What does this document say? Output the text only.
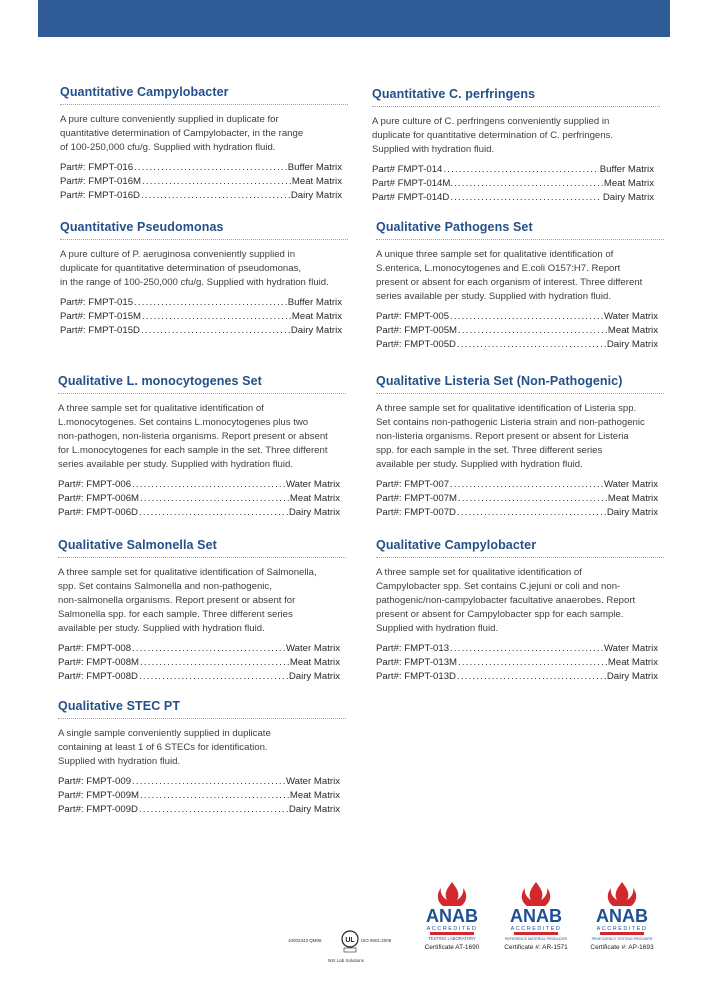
Quantitative Campylobacter

A pure culture conveniently supplied in duplicate for
quantitative determination of Campylobacter, in the range
of 100-250,000 cfu/g. Supplied with hydration fluid.

Part#: FMPT-016 .....	Buffer Matrix
Part#: FMPT-016M .....	Meat Matrix
Part#: FMPT-016D .....	Dairy Matrix
Quantitative C. perfringens

A pure culture of C. perfringens conveniently supplied in
duplicate for quantitative determination of C. perfringens.
Supplied with hydration fluid.

Part# FMPT-014 .....	Buffer Matrix
Part# FMPT-014M. .....	Meat Matrix
Part# FMPT-014D .....	Dairy Matrix
Quantitative Pseudomonas

A pure culture of P. aeruginosa conveniently supplied in
duplicate for quantitative determination of pseudomonas,
in the range of 100-250,000 cfu/g. Supplied with hydration fluid.

Part#: FMPT-015 .....	Buffer Matrix
Part#: FMPT-015M .....	Meat Matrix
Part#: FMPT-015D .....	Dairy Matrix
Qualitative Pathogens Set

A unique three sample set for qualitative identification of
S.enterica, L.monocytogenes and E.coli O157:H7. Report
present or absent for each organism of interest. Three different
series available per study. Supplied with hydration fluid.

Part#: FMPT-005 .....	Water Matrix
Part#: FMPT-005M .....	Meat Matrix
Part#: FMPT-005D .....	Dairy Matrix
Qualitative L. monocytogenes Set

A three sample set for qualitative identification of
L.monocytogenes. Set contains L.monocytogenes plus two
non-pathogen, non-listeria organisms. Report present or absent
for L.monocytogenes for each sample in the set. Three different
series available per study. Supplied with hydration fluid.

Part#: FMPT-006 .....	Water Matrix
Part#: FMPT-006M .....	Meat Matrix
Part#: FMPT-006D .....	Dairy Matrix
Qualitative Listeria Set (Non-Pathogenic)

A three sample set for qualitative identification of Listeria spp.
Set contains non-pathogenic Listeria strain and non-pathogenic
non-listeria organisms. Report present or absent for Listeria
spp. for each sample in the set. Three different series
available per study. Supplied with hydration fluid.

Part#: FMPT-007 .....	Water Matrix
Part#: FMPT-007M .....	Meat Matrix
Part#: FMPT-007D .....	Dairy Matrix
Qualitative Salmonella Set

A three sample set for qualitative identification of Salmonella,
spp. Set contains Salmonella and non-pathogenic,
non-salmonella organisms. Report present or absent for
Salmonella spp. for each sample. Three different series
available per study. Supplied with hydration fluid.

Part#: FMPT-008 .....	Water Matrix
Part#: FMPT-008M .....	Meat Matrix
Part#: FMPT-008D .....	Dairy Matrix
Qualitative Campylobacter

A three sample set for qualitative identification of
Campylobacter spp. Set contains C.jejuni or coli and non-
pathogenic/non-campylobacter facultative anaerobes. Report
present or absent for Campylobacter spp for each sample.
Supplied with hydration fluid.

Part#: FMPT-013 .....	Water Matrix
Part#: FMPT-013M .....	Meat Matrix
Part#: FMPT-013D .....	Dairy Matrix
Qualitative STEC PT

A single sample conveniently supplied in duplicate
containing at least 1 of 6 STECs for identification.
Supplied with hydration fluid.

Part#: FMPT-009 .....	Water Matrix
Part#: FMPT-009M .....	Meat Matrix
Part#: FMPT-009D .....	Dairy Matrix
10002343 QM08	UL ISO 9001:2008
NSI Lab Solutions
ANAB
ACCREDITED
TESTING LABORATORY
Certificate AT-1690
ANAB
ACCREDITED
REFERENCE MATERIAL PRODUCER
Certificate #: AR-1571
ANAB
ACCREDITED
PROFICIENCY TESTING PROVIDER
Certificate #: AP-1693
